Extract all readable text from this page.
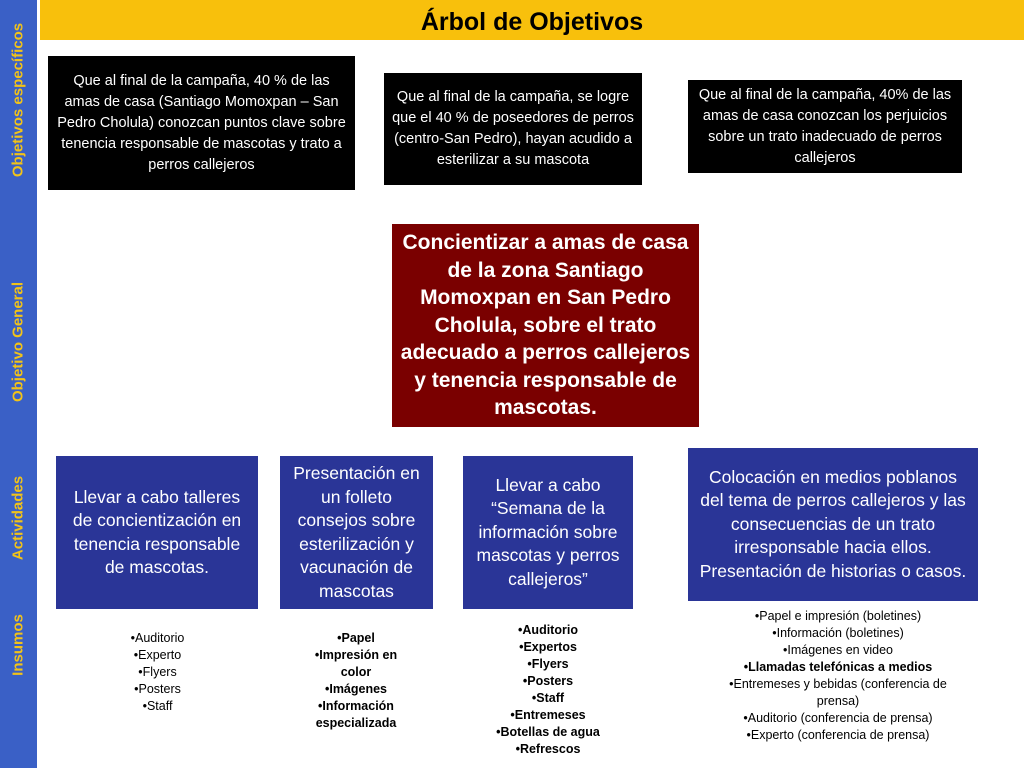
Objetivos específicos
Objetivo General
Actividades
Insumos
Árbol de Objetivos
Que al final de la campaña, 40 % de las amas de casa (Santiago Momoxpan – San Pedro Cholula) conozcan puntos clave sobre tenencia responsable de mascotas y trato a perros callejeros
Que al final de la campaña, se logre que el 40 % de poseedores de perros (centro-San Pedro), hayan acudido a esterilizar a su mascota
Que al final de la campaña, 40% de las amas de casa conozcan los perjuicios sobre un trato inadecuado de perros callejeros
Concientizar a amas de casa de la zona Santiago Momoxpan en San Pedro Cholula, sobre el trato adecuado a perros callejeros y tenencia responsable de mascotas.
Llevar a cabo talleres de concientización en tenencia responsable de mascotas.
Presentación en un folleto consejos sobre esterilización y vacunación de mascotas
Llevar a cabo “Semana de la información sobre mascotas y perros callejeros”
Colocación en medios poblanos del tema de perros callejeros y las consecuencias de un trato irresponsable hacia ellos. Presentación de historias o casos.
•Auditorio
•Experto
•Flyers
•Posters
•Staff
•Papel
•Impresión en color
•Imágenes
•Información especializada
•Auditorio
•Expertos
•Flyers
•Posters
•Staff
•Entremeses
•Botellas de agua
•Refrescos
•Papel e impresión (boletines)
•Información (boletines)
•Imágenes en video
•Llamadas telefónicas a medios
•Entremeses y bebidas (conferencia de prensa)
•Auditorio (conferencia de prensa)
•Experto (conferencia de prensa)
